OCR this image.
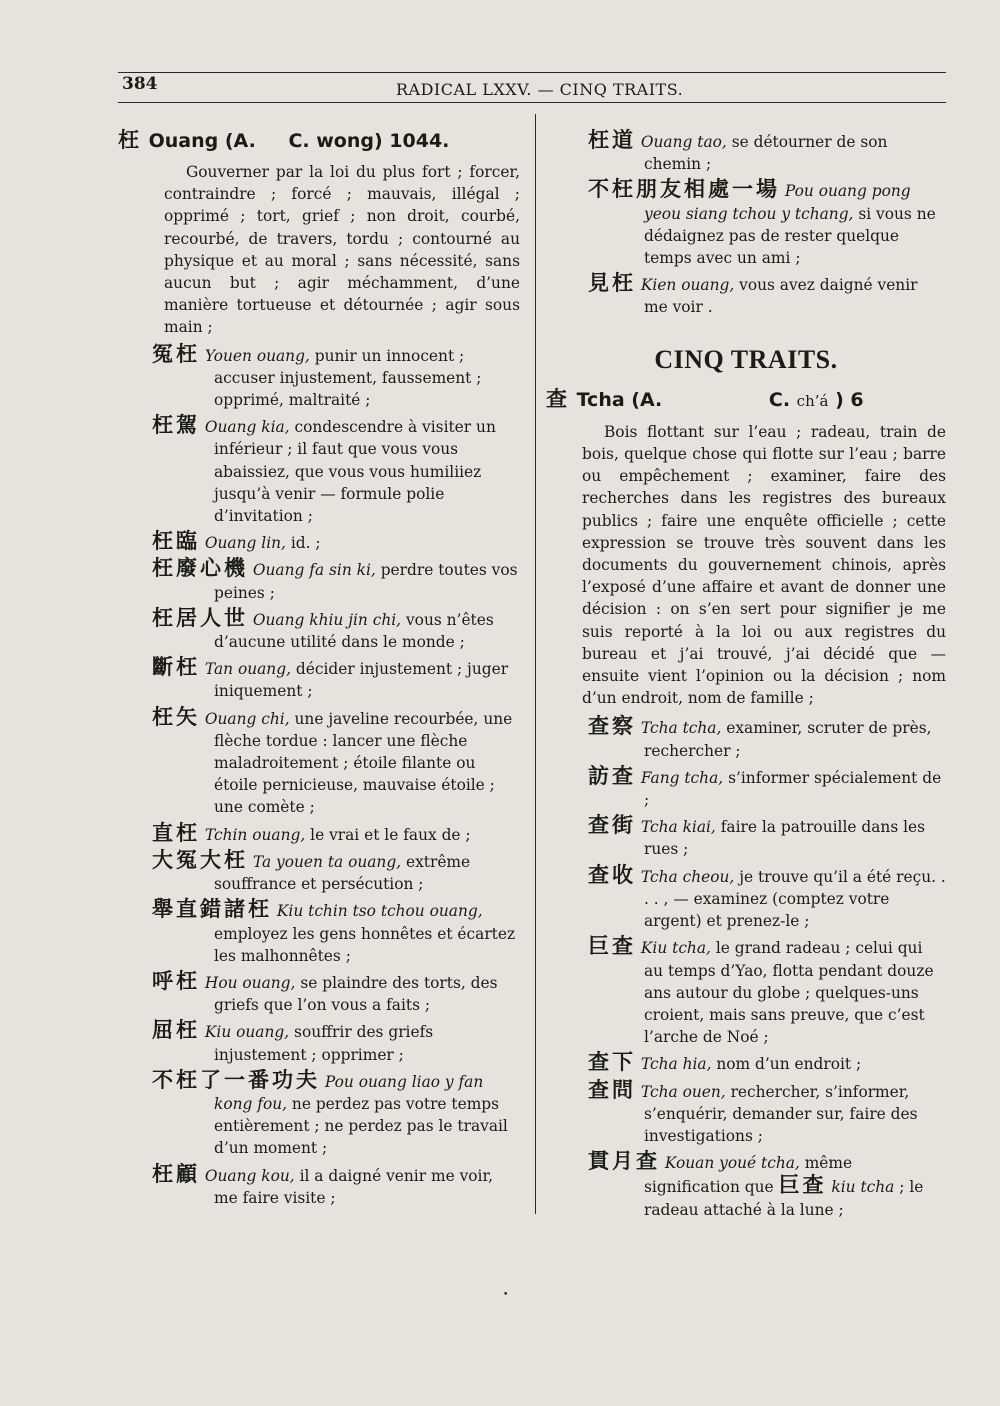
384	RADICAL LXXV. — CINQ TRAITS.
枉 Ouang (A. C. wong) 1044.

Gouverner par la loi du plus fort ; forcer, contraindre ; forcé ; mauvais, illégal ; opprimé ; tort, grief ; non droit, courbé, recourbé, de travers, tordu ; contourné au physique et au moral ; sans nécessité, sans aucun but ; agir méchamment, d’une manière tortueuse et détournée ; agir sous main ;

冤枉 Youen ouang, punir un innocent ; accuser injustement, faussement ; opprimé, maltraité ;
枉駕 Ouang kia, condescendre à visiter un inférieur ; il faut que vous vous abaissiez, que vous vous humiliiez jusqu’à venir — formule polie d’invitation ;
枉臨 Ouang lin, id. ;
枉廢心機 Ouang fa sin ki, perdre toutes vos peines ;
枉居人世 Ouang khiu jin chi, vous n’êtes d’aucune utilité dans le monde ;
斷枉 Tan ouang, décider injustement ; juger iniquement ;
枉矢 Ouang chi, une javeline recourbée, une flèche tordue : lancer une flèche maladroitement ; étoile filante ou étoile pernicieuse, mauvaise étoile ; une comète ;
直枉 Tchin ouang, le vrai et le faux de ;
大冤大枉 Ta youen ta ouang, extrême souffrance et persécution ;
舉直錯諸枉 Kiu tchin tso tchou ouang, employez les gens honnêtes et écartez les malhonnêtes ;
呼枉 Hou ouang, se plaindre des torts, des griefs que l’on vous a faits ;
屈枉 Kiu ouang, souffrir des griefs injustement ; opprimer ;
不枉了一番功夫 Pou ouang liao y fan kong fou, ne perdez pas votre temps entièrement ; ne perdez pas le travail d’un moment ;
枉顧 Ouang kou, il a daigné venir me voir, me faire visite ;
枉道 Ouang tao, se détourner de son chemin ;
不枉朋友相處一場 Pou ouang pong yeou siang tchou y tchang, si vous ne dédaignez pas de rester quelque temps avec un ami ;
見枉 Kien ouang, vous avez daigné venir me voir .
CINQ TRAITS.
查 Tcha (A.	C. ch’á ) 6

Bois flottant sur l’eau ; radeau, train de bois, quelque chose qui flotte sur l’eau ; barre ou empêchement ; examiner, faire des recherches dans les registres des bureaux publics ; faire une enquête officielle ; cette expression se trouve très souvent dans les documents du gouvernement chinois, après l’exposé d’une affaire et avant de donner une décision : on s’en sert pour signifier je me suis reporté à la loi ou aux registres du bureau et j’ai trouvé, j’ai décidé que — ensuite vient l’opinion ou la décision ; nom d’un endroit, nom de famille ;

查察 Tcha tcha, examiner, scruter de près, rechercher ;
訪查 Fang tcha, s’informer spécialement de ;
查街 Tcha kiai, faire la patrouille dans les rues ;
查收 Tcha cheou, je trouve qu’il a été reçu. . . . , — examinez (comptez votre argent) et prenez-le ;
巨查 Kiu tcha, le grand radeau ; celui qui au temps d’Yao, flotta pendant douze ans autour du globe ; quelques-uns croient, mais sans preuve, que c’est l’arche de Noé ;
查下 Tcha hia, nom d’un endroit ;
查問 Tcha ouen, rechercher, s’informer, s’enquérir, demander sur, faire des investigations ;
貫月查 Kouan youé tcha, même signification que 巨查 kiu tcha ; le radeau attaché à la lune ;
•
